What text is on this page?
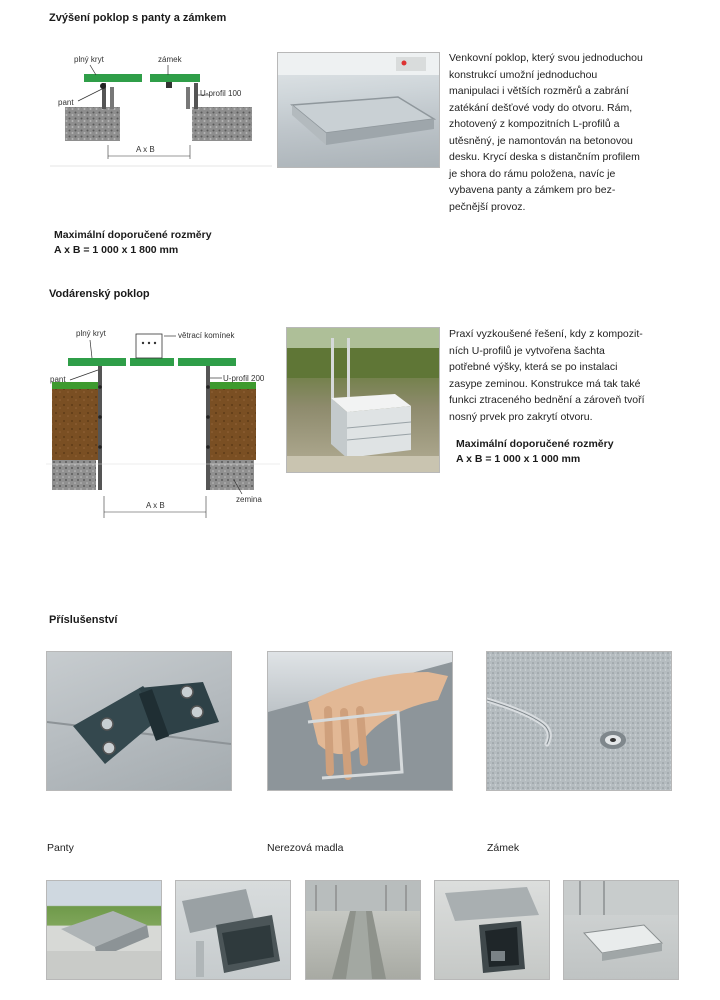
Zvýšení poklop s panty a zámkem
plný kryt	zámek
pant
U-profil 100
A x B
Venkovní poklop, který svou jednoduchou
konstrukcí umožní jednoduchou
manipulaci i větších rozměrů a zabrání
zatékání dešťové vody do otvoru. Rám,
zhotovený z kompozitních L-profilů a
utěsněný, je namontován na betonovou
desku. Krycí deska s distančním profilem
je shora do rámu položena, navíc je
vybavena panty a zámkem pro bez-
pečnější provoz.
Maximální doporučené rozměry
A x B = 1 000 x 1 800 mm
Vodárenský poklop
plný kryt	větrací komínek
pant	U-profil 200
zemina
A x B
Praxí vyzkoušené řešení, kdy z kompozit-
ních U-profilů je vytvořena šachta
potřebné výšky, která se po instalaci
zasype zeminou. Konstrukce má tak také
funkci ztraceného bednění a zároveň tvoří
nosný prvek pro zakrytí otvoru.
Maximální doporučené rozměry
A x B = 1 000 x 1 000 mm
Příslušenství
Panty	Nerezová madla	Zámek
